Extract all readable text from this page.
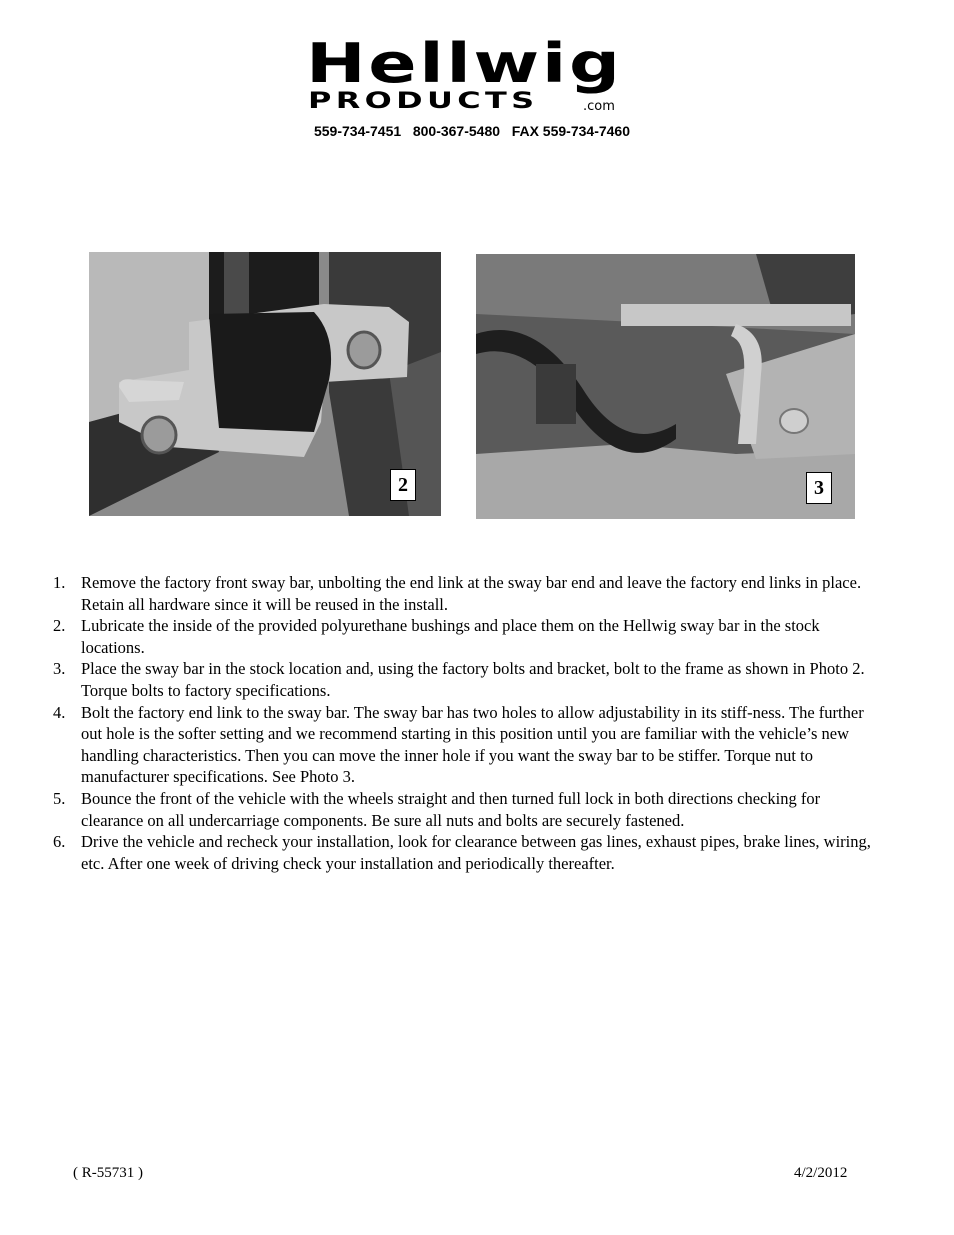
Hellwig
PRODUCTS	.com
559-734-7451   800-367-5480   FAX 559-734-7460
2	3
1. Remove the factory front sway bar, unbolting the end link at the sway bar end and leave the factory end links in place. Retain all hardware since it will be reused in the install.
2. Lubricate the inside of the provided polyurethane bushings and place them on the Hellwig sway bar in the stock locations.
3. Place the sway bar in the stock location and, using the factory bolts and bracket, bolt to the frame as shown in Photo 2. Torque bolts to factory specifications.
4. Bolt the factory end link to the sway bar. The sway bar has two holes to allow adjustability in its stiff-ness. The further out hole is the softer setting and we recommend starting in this position until you are familiar with the vehicle’s new handling characteristics. Then you can move the inner hole if you want the sway bar to be stiffer. Torque nut to manufacturer specifications. See Photo 3.
5. Bounce the front of the vehicle with the wheels straight and then turned full lock in both directions checking for clearance on all undercarriage components. Be sure all nuts and bolts are securely fastened.
6. Drive the vehicle and recheck your installation, look for clearance between gas lines, exhaust pipes, brake lines, wiring, etc. After one week of driving check your installation and periodically thereafter.
( R-55731 )	4/2/2012
